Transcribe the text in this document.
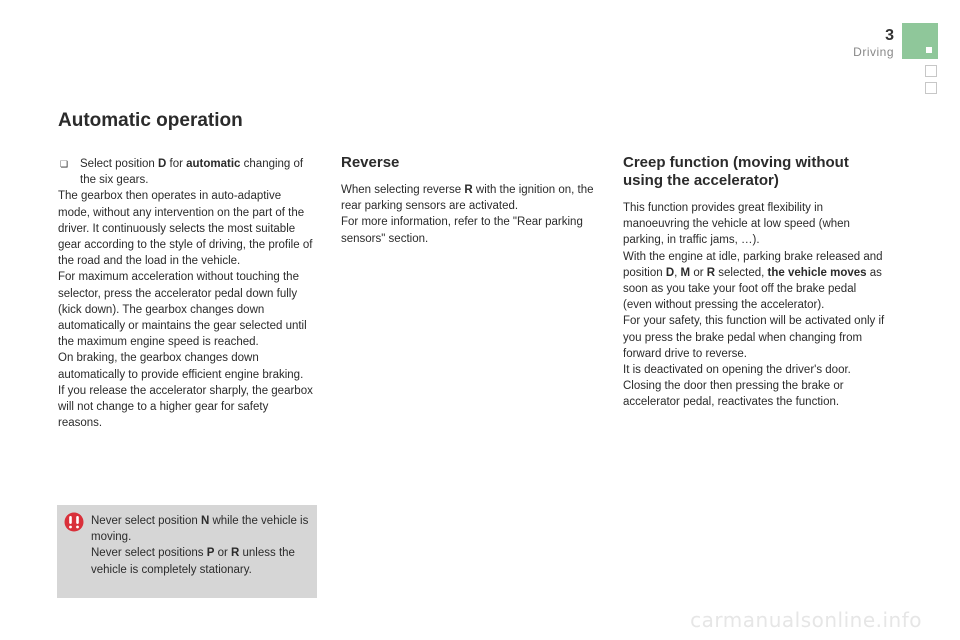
3
Driving
Automatic operation

❏ Select position D for automatic changing of the six gears.

The gearbox then operates in auto-adaptive mode, without any intervention on the part of the driver. It continuously selects the most suitable gear according to the style of driving, the profile of the road and the load in the vehicle.

For maximum acceleration without touching the selector, press the accelerator pedal down fully (kick down). The gearbox changes down automatically or maintains the gear selected until the maximum engine speed is reached.

On braking, the gearbox changes down automatically to provide efficient engine braking.

If you release the accelerator sharply, the gearbox will not change to a higher gear for safety reasons.

Never select position N while the vehicle is moving.

Never select positions P or R unless the vehicle is completely stationary.

Reverse

When selecting reverse R with the ignition on, the rear parking sensors are activated.

For more information, refer to the "Rear parking sensors" section.

Creep function (moving without using the accelerator)

This function provides great flexibility in manoeuvring the vehicle at low speed (when parking, in traffic jams, …).

With the engine at idle, parking brake released and position D, M or R selected, the vehicle moves as soon as you take your foot off the brake pedal (even without pressing the accelerator).

For your safety, this function will be activated only if you press the brake pedal when changing from forward drive to reverse.

It is deactivated on opening the driver's door. Closing the door then pressing the brake or accelerator pedal, reactivates the function.

carmanualsonline.info
